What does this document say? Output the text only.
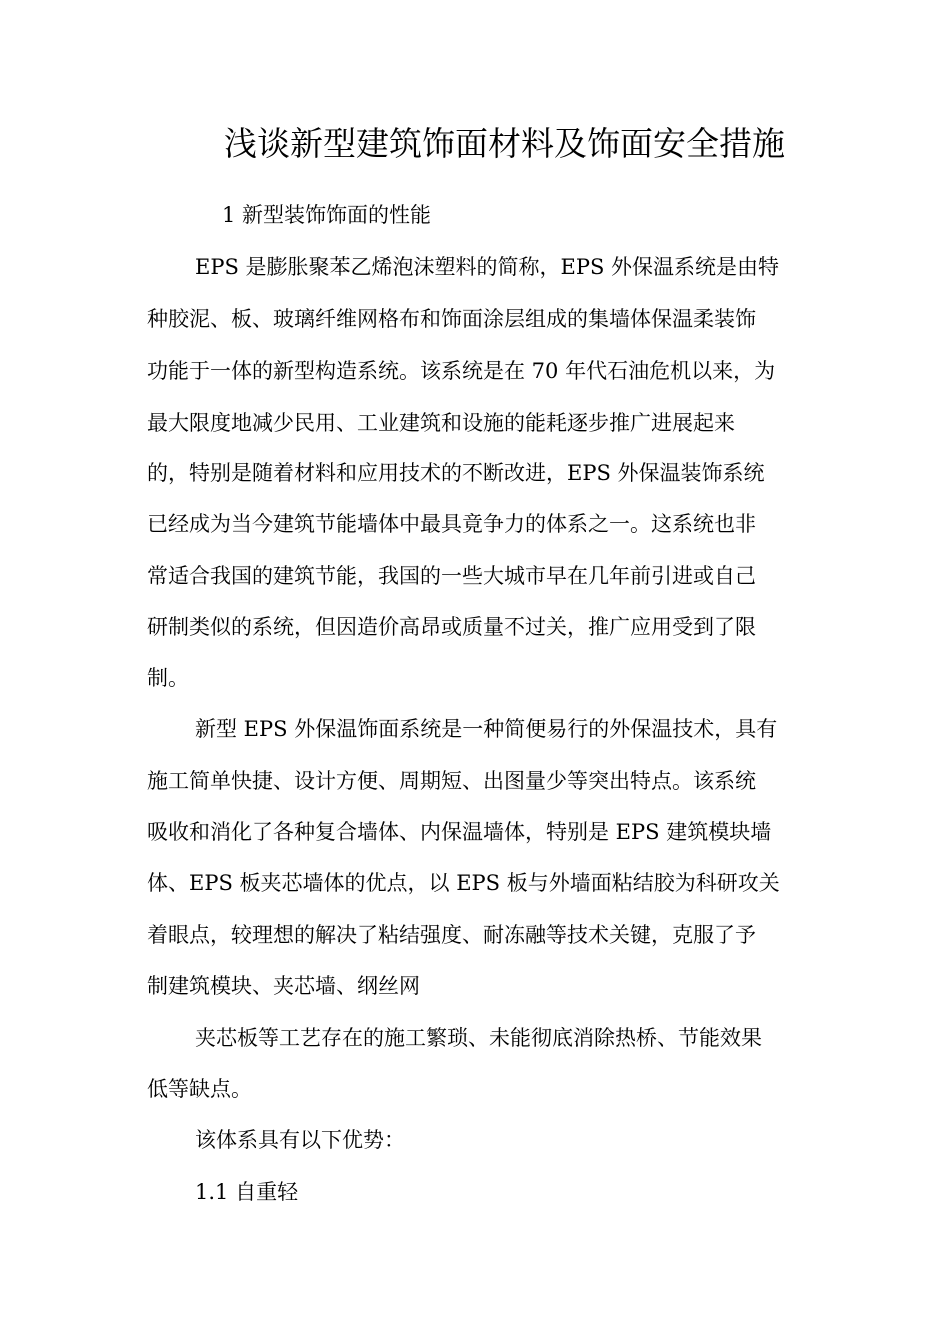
浅谈新型建筑饰面材料及饰面安全措施

1 新型装饰饰面的性能

EPS 是膨胀聚苯乙烯泡沫塑料的简称，EPS 外保温系统是由特

种胶泥、板、玻璃纤维网格布和饰面涂层组成的集墙体保温柔装饰

功能于一体的新型构造系统。该系统是在 70 年代石油危机以来，为

最大限度地减少民用、工业建筑和设施的能耗逐步推广进展起来

的，特别是随着材料和应用技术的不断改进，EPS 外保温装饰系统

已经成为当今建筑节能墙体中最具竟争力的体系之一。这系统也非

常适合我国的建筑节能，我国的一些大城市早在几年前引进或自己

研制类似的系统，但因造价高昂或质量不过关，推广应用受到了限

制。

新型 EPS 外保温饰面系统是一种简便易行的外保温技术，具有

施工简单快捷、设计方便、周期短、出图量少等突出特点。该系统

吸收和消化了各种复合墙体、内保温墙体，特别是 EPS 建筑模块墙

体、EPS 板夹芯墙体的优点，以 EPS 板与外墙面粘结胶为科研攻关

着眼点，较理想的解决了粘结强度、耐冻融等技术关键，克服了予

制建筑模块、夹芯墙、纲丝网

夹芯板等工艺存在的施工繁琐、未能彻底消除热桥、节能效果

低等缺点。

该体系具有以下优势：

1.1 自重轻
